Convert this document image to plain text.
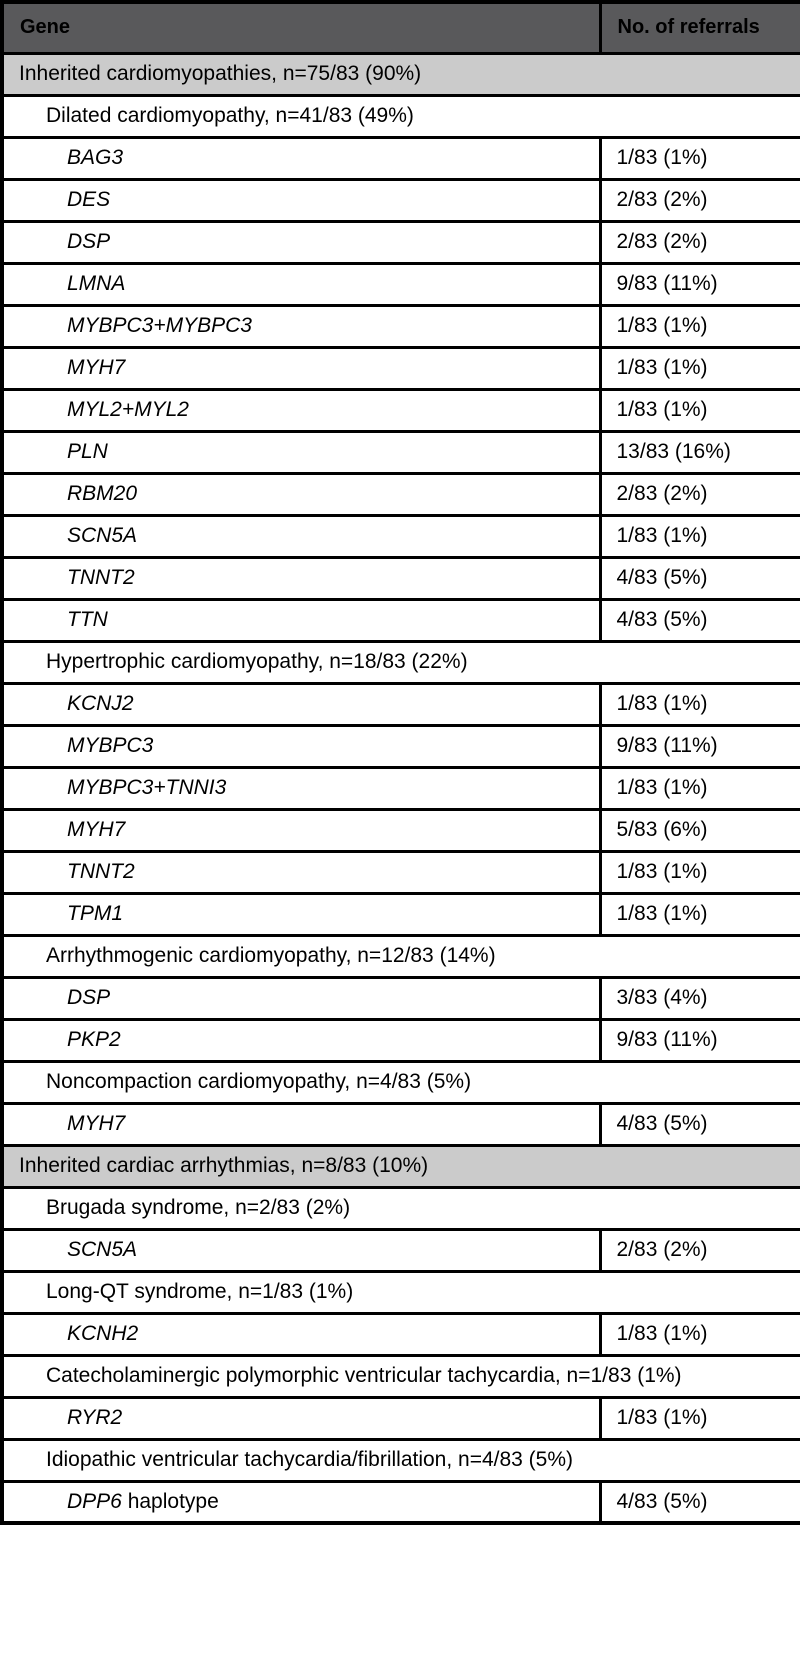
Gene	No. of referrals
Inherited cardiomyopathies, n=75/83 (90%)	
Dilated cardiomyopathy, n=41/83 (49%)	
BAG3	1/83 (1%)
DES	2/83 (2%)
DSP	2/83 (2%)
LMNA	9/83 (11%)
MYBPC3+MYBPC3	1/83 (1%)
MYH7	1/83 (1%)
MYL2+MYL2	1/83 (1%)
PLN	13/83 (16%)
RBM20	2/83 (2%)
SCN5A	1/83 (1%)
TNNT2	4/83 (5%)
TTN	4/83 (5%)
Hypertrophic cardiomyopathy, n=18/83 (22%)	
KCNJ2	1/83 (1%)
MYBPC3	9/83 (11%)
MYBPC3+TNNI3	1/83 (1%)
MYH7	5/83 (6%)
TNNT2	1/83 (1%)
TPM1	1/83 (1%)
Arrhythmogenic cardiomyopathy, n=12/83 (14%)	
DSP	3/83 (4%)
PKP2	9/83 (11%)
Noncompaction cardiomyopathy, n=4/83 (5%)	
MYH7	4/83 (5%)
Inherited cardiac arrhythmias, n=8/83 (10%)	
Brugada syndrome, n=2/83 (2%)	
SCN5A	2/83 (2%)
Long-QT syndrome, n=1/83 (1%)	
KCNH2	1/83 (1%)
Catecholaminergic polymorphic ventricular tachycardia, n=1/83 (1%)	
RYR2	1/83 (1%)
Idiopathic ventricular tachycardia/fibrillation, n=4/83 (5%)	
DPP6 haplotype	4/83 (5%)
